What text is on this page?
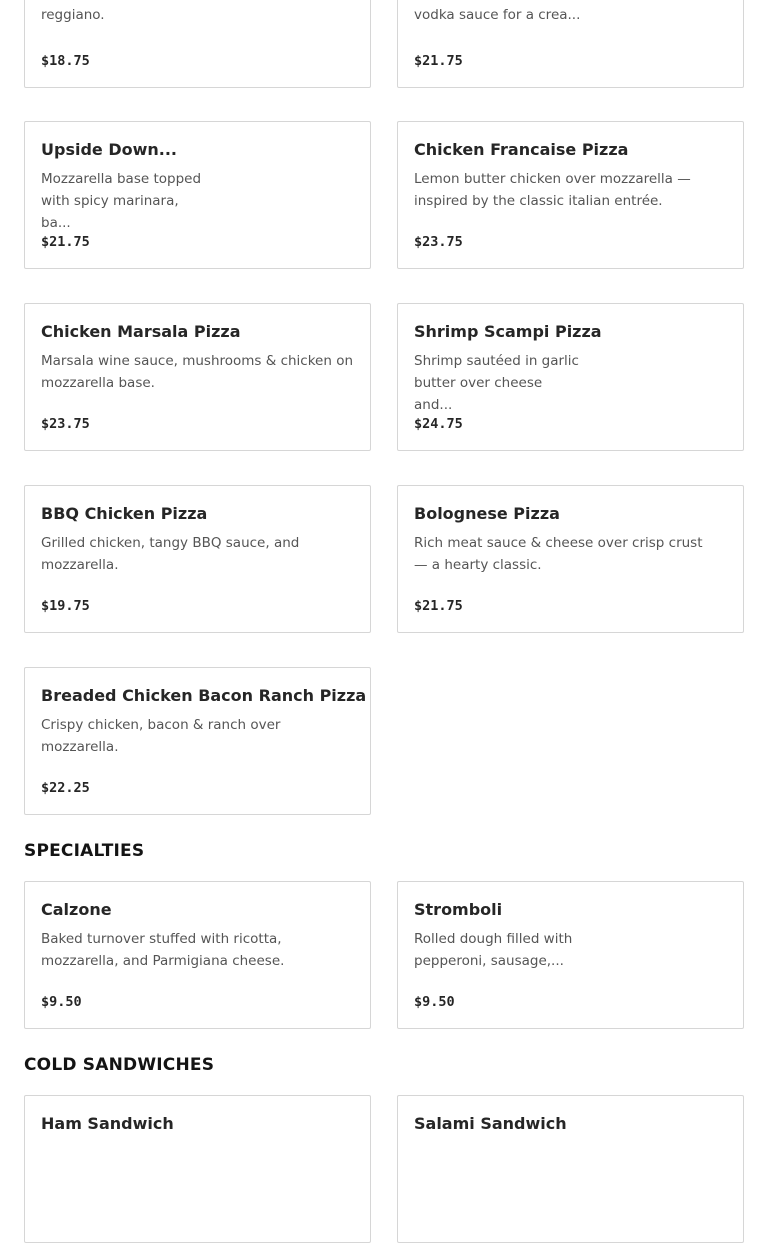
reggiano.
$18.75
vodka sauce for a crea...
$21.75
Upside Down...
Mozzarella base topped with spicy marinara, ba...
$21.75
Chicken Francaise Pizza
Lemon butter chicken over mozzarella — inspired by the classic italian entrée.
$23.75
Chicken Marsala Pizza
Marsala wine sauce, mushrooms & chicken on mozzarella base.
$23.75
Shrimp Scampi Pizza
Shrimp sautéed in garlic butter over cheese and...
$24.75
BBQ Chicken Pizza
Grilled chicken, tangy BBQ sauce, and mozzarella.
$19.75
Bolognese Pizza
Rich meat sauce & cheese over crisp crust — a hearty classic.
$21.75
Breaded Chicken Bacon Ranch Pizza
Crispy chicken, bacon & ranch over mozzarella.
$22.25
SPECIALTIES
Calzone
Baked turnover stuffed with ricotta, mozzarella, and Parmigiana cheese.
$9.50
Stromboli
Rolled dough filled with pepperoni, sausage,...
$9.50
COLD SANDWICHES
Ham Sandwich	Salami Sandwich
